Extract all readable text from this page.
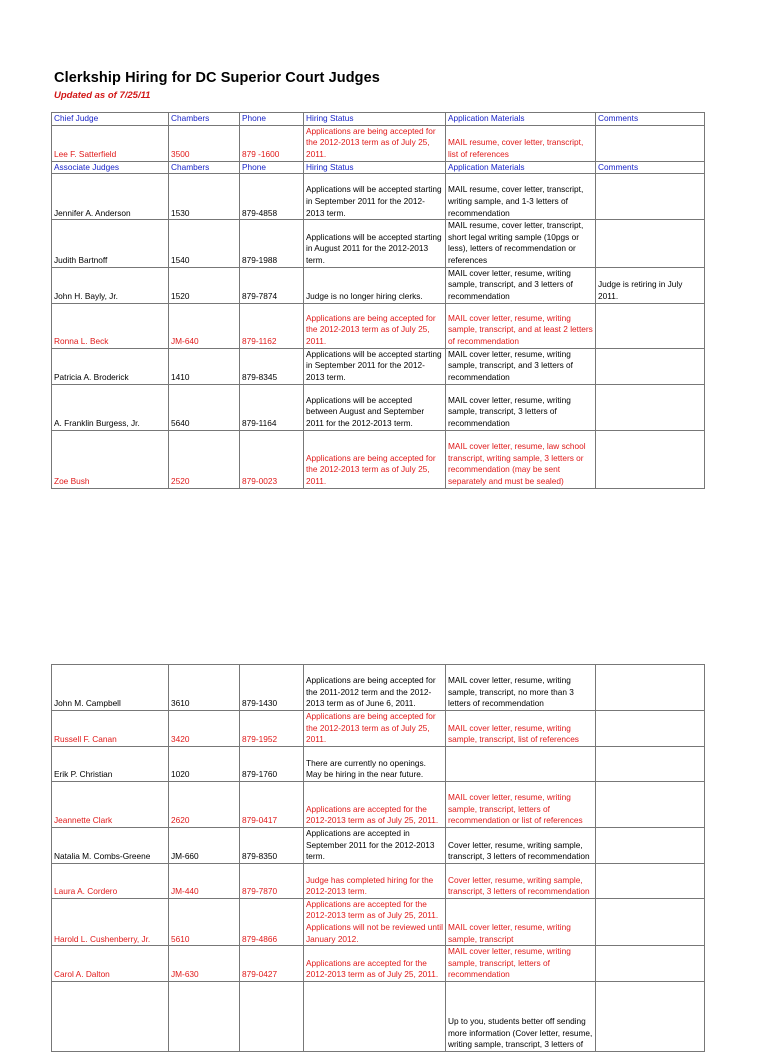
Clerkship Hiring for DC Superior Court Judges
Updated as of 7/25/11
Chief Judge	Chambers	Phone	Hiring Status	Application Materials	Comments
Lee F. Satterfield	3500	879 -1600	Applications are being accepted for the 2012-2013 term as of July 25, 2011.	MAIL resume, cover letter, transcript, list of references	
Associate Judges	Chambers	Phone	Hiring Status	Application Materials	Comments
Jennifer A. Anderson	1530	879-4858	Applications will be accepted starting in September 2011 for the 2012-2013 term.	MAIL resume, cover letter, transcript, writing sample, and 1-3 letters of recommendation	
Judith Bartnoff	1540	879-1988	Applications will be accepted starting in August 2011 for the 2012-2013 term.	MAIL resume, cover letter, transcript, short legal writing sample (10pgs or less), letters of recommendation or references	
John H. Bayly, Jr.	1520	879-7874	Judge is no longer hiring clerks.	MAIL cover letter, resume, writing sample, transcript, and 3 letters of recommendation	Judge is retiring in July 2011.
Ronna L. Beck	JM-640	879-1162	Applications are being accepted for the 2012-2013 term as of July 25, 2011.	MAIL cover letter, resume, writing sample, transcript, and at least 2 letters of recommendation	
Patricia A. Broderick	1410	879-8345	Applications will be accepted starting in September 2011 for the 2012-2013 term.	MAIL cover letter, resume, writing sample, transcript, and 3 letters of recommendation	
A. Franklin Burgess, Jr.	5640	879-1164	Applications will be accepted between August and September 2011 for the 2012-2013 term.	MAIL cover letter, resume, writing sample, transcript, 3 letters of recommendation	
Zoe Bush	2520	879-0023	Applications are being accepted for the 2012-2013 term as of July 25, 2011.	MAIL cover letter, resume, law school transcript, writing sample, 3 letters or recommendation (may be sent separately and must be sealed)	
John M. Campbell	3610	879-1430	Applications are being accepted for the 2011-2012 term and the 2012-2013 term as of June 6, 2011.	MAIL cover letter, resume, writing sample, transcript, no more than 3 letters of recommendation	
Russell F. Canan	3420	879-1952	Applications are being accepted for the 2012-2013 term as of July 25, 2011.	MAIL cover letter, resume, writing sample, transcript, list of references	
Erik P. Christian	1020	879-1760	There are currently no openings. May be hiring in the near future.		
Jeannette Clark	2620	879-0417	Applications are accepted for the 2012-2013 term as of July 25, 2011.	MAIL cover letter, resume, writing sample, transcript, letters of recommendation or list of references	
Natalia M. Combs-Greene	JM-660	879-8350	Applications are accepted in September 2011 for the 2012-2013 term.	Cover letter, resume, writing sample, transcript, 3 letters of recommendation	
Laura A. Cordero	JM-440	879-7870	Judge has completed hiring for the 2012-2013 term.	Cover letter, resume, writing sample, transcript, 3 letters of recommendation	
Harold L. Cushenberry, Jr.	5610	879-4866	Applications are accepted for the 2012-2013 term as of July 25, 2011. Applications will not be reviewed until January 2012.	MAIL cover letter, resume, writing sample, transcript	
Carol A. Dalton	JM-630	879-0427	Applications are accepted for the 2012-2013 term as of July 25, 2011.	MAIL cover letter, resume, writing sample, transcript, letters of recommendation	
				Up to you, students better off sending more information (Cover letter, resume, writing sample, transcript, 3 letters of	
